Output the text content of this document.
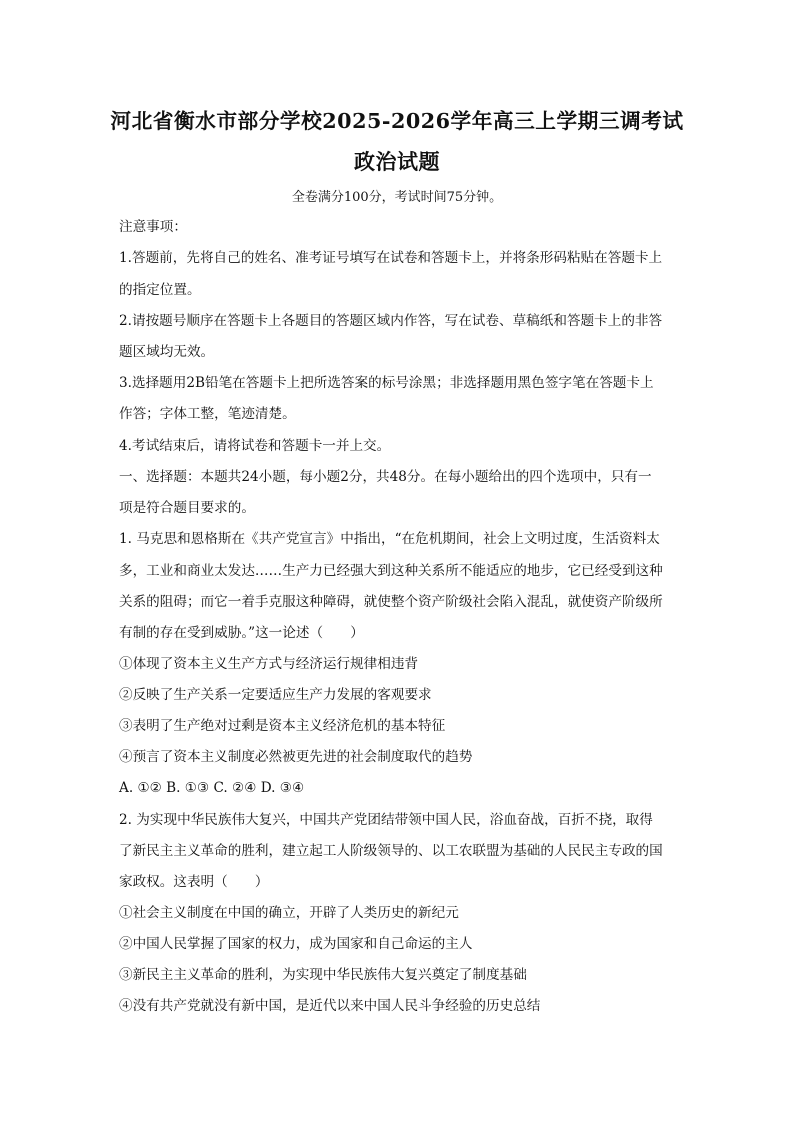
河北省衡水市部分学校2025-2026学年高三上学期三调考试
政治试题
全卷满分100分，考试时间75分钟。
注意事项：
1.答题前，先将自己的姓名、准考证号填写在试卷和答题卡上，并将条形码粘贴在答题卡上
的指定位置。
2.请按题号顺序在答题卡上各题目的答题区域内作答，写在试卷、草稿纸和答题卡上的非答
题区域均无效。
3.选择题用2B铅笔在答题卡上把所选答案的标号涂黑；非选择题用黑色签字笔在答题卡上
作答；字体工整，笔迹清楚。
4.考试结束后，请将试卷和答题卡一并上交。
一、选择题：本题共24小题，每小题2分，共48分。在每小题给出的四个选项中，只有一
项是符合题目要求的。
1. 马克思和恩格斯在《共产党宣言》中指出，“在危机期间，社会上文明过度，生活资料太
多，工业和商业太发达……生产力已经强大到这种关系所不能适应的地步，它已经受到这种
关系的阻碍；而它一着手克服这种障碍，就使整个资产阶级社会陷入混乱，就使资产阶级所
有制的存在受到威胁。”这一论述（　　）
①体现了资本主义生产方式与经济运行规律相违背
②反映了生产关系一定要适应生产力发展的客观要求
③表明了生产绝对过剩是资本主义经济危机的基本特征
④预言了资本主义制度必然被更先进的社会制度取代的趋势
A. ①② B. ①③ C. ②④ D. ③④
2. 为实现中华民族伟大复兴，中国共产党团结带领中国人民，浴血奋战，百折不挠，取得
了新民主主义革命的胜利，建立起工人阶级领导的、以工农联盟为基础的人民民主专政的国
家政权。这表明（　　）
①社会主义制度在中国的确立，开辟了人类历史的新纪元
②中国人民掌握了国家的权力，成为国家和自己命运的主人
③新民主主义革命的胜利，为实现中华民族伟大复兴奠定了制度基础
④没有共产党就没有新中国，是近代以来中国人民斗争经验的历史总结
